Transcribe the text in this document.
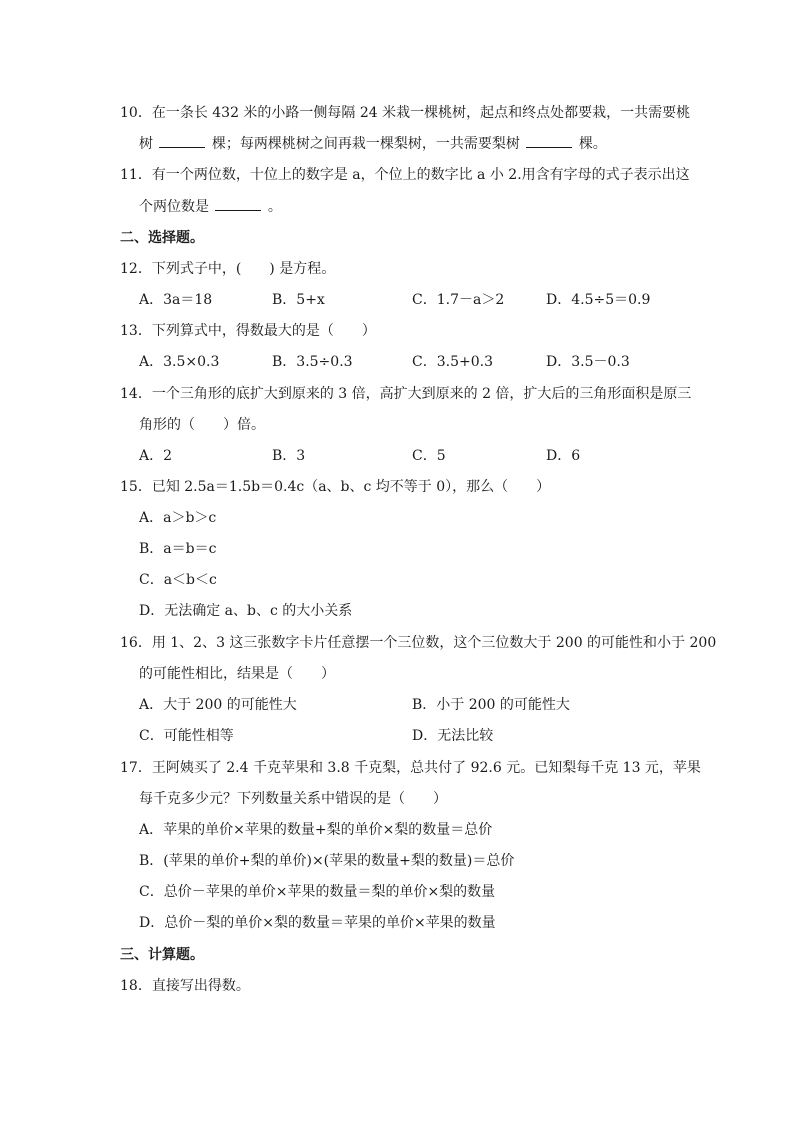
10．在一条长 432 米的小路一侧每隔 24 米栽一棵桃树，起点和终点处都要栽，一共需要桃
树	棵；每两棵桃树之间再栽一棵梨树，一共需要梨树	棵。
11．有一个两位数，十位上的数字是 a，个位上的数字比 a 小 2.用含有字母的式子表示出这
个两位数是	。
二、选择题。
12．下列式子中，(　　) 是方程。
A．3a＝18	B．5+x	C．1.7－a＞2	D．4.5÷5＝0.9
13．下列算式中，得数最大的是（　　）
A．3.5×0.3	B．3.5÷0.3	C．3.5+0.3	D．3.5－0.3
14．一个三角形的底扩大到原来的 3 倍，高扩大到原来的 2 倍，扩大后的三角形面积是原三
角形的（　　）倍。
A．2	B．3	C．5	D．6
15．已知 2.5a＝1.5b＝0.4c（a、b、c 均不等于 0），那么（　　）
A．a＞b＞c
B．a＝b＝c
C．a＜b＜c
D．无法确定 a、b、c 的大小关系
16．用 1、2、3 这三张数字卡片任意摆一个三位数，这个三位数大于 200 的可能性和小于 200
的可能性相比，结果是（　　）
A．大于 200 的可能性大	B．小于 200 的可能性大
C．可能性相等	D．无法比较
17．王阿姨买了 2.4 千克苹果和 3.8 千克梨，总共付了 92.6 元。已知梨每千克 13 元，苹果
每千克多少元？下列数量关系中错误的是（　　）
A．苹果的单价×苹果的数量+梨的单价×梨的数量＝总价
B．(苹果的单价+梨的单价)×(苹果的数量+梨的数量)＝总价
C．总价－苹果的单价×苹果的数量＝梨的单价×梨的数量
D．总价－梨的单价×梨的数量＝苹果的单价×苹果的数量
三、计算题。
18．直接写出得数。
